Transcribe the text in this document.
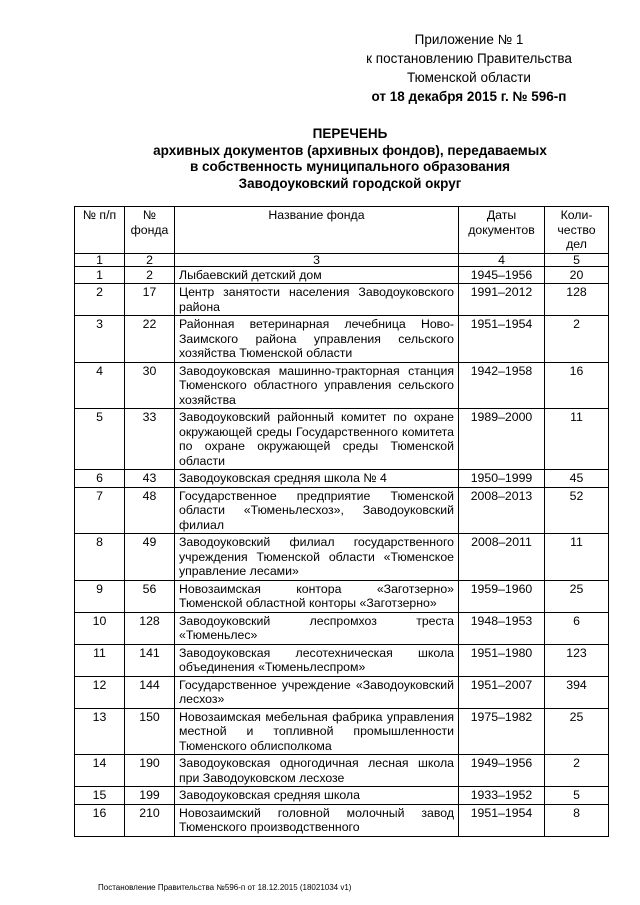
Приложение № 1
к постановлению Правительства
Тюменской области
от 18 декабря 2015 г. № 596-п
ПЕРЕЧЕНЬ
архивных документов (архивных фондов), передаваемых
в собственность муниципального образования
Заводоуковский городской округ
№ п/п	№ фонда	Название фонда	Даты документов	Коли-чество дел
1	2	3	4	5
1	2	Лыбаевский детский дом	1945–1956	20
2	17	Центр занятости населения Заводоуковского района	1991–2012	128
3	22	Районная ветеринарная лечебница Ново-Заимского района управления сельского хозяйства Тюменской области	1951–1954	2
4	30	Заводоуковская машинно-тракторная станция Тюменского областного управления сельского хозяйства	1942–1958	16
5	33	Заводоуковский районный комитет по охране окружающей среды Государственного комитета по охране окружающей среды Тюменской области	1989–2000	11
6	43	Заводоуковская средняя школа № 4	1950–1999	45
7	48	Государственное предприятие Тюменской области «Тюменьлесхоз», Заводоуковский филиал	2008–2013	52
8	49	Заводоуковский филиал государственного учреждения Тюменской области «Тюменское управление лесами»	2008–2011	11
9	56	Новозаимская контора «Заготзерно» Тюменской областной конторы «Заготзерно»	1959–1960	25
10	128	Заводоуковский леспромхоз треста «Тюменьлес»	1948–1953	6
11	141	Заводоуковская лесотехническая школа объединения «Тюменьлеспром»	1951–1980	123
12	144	Государственное учреждение «Заводоуковский лесхоз»	1951–2007	394
13	150	Новозаимская мебельная фабрика управления местной и топливной промышленности Тюменского облисполкома	1975–1982	25
14	190	Заводоуковская одногодичная лесная школа при Заводоуковском лесхозе	1949–1956	2
15	199	Заводоуковская средняя школа	1933–1952	5
16	210	Новозаимский головной молочный завод Тюменского производственного	1951–1954	8
Постановление Правительства №596-п от 18.12.2015 (18021034 v1)
